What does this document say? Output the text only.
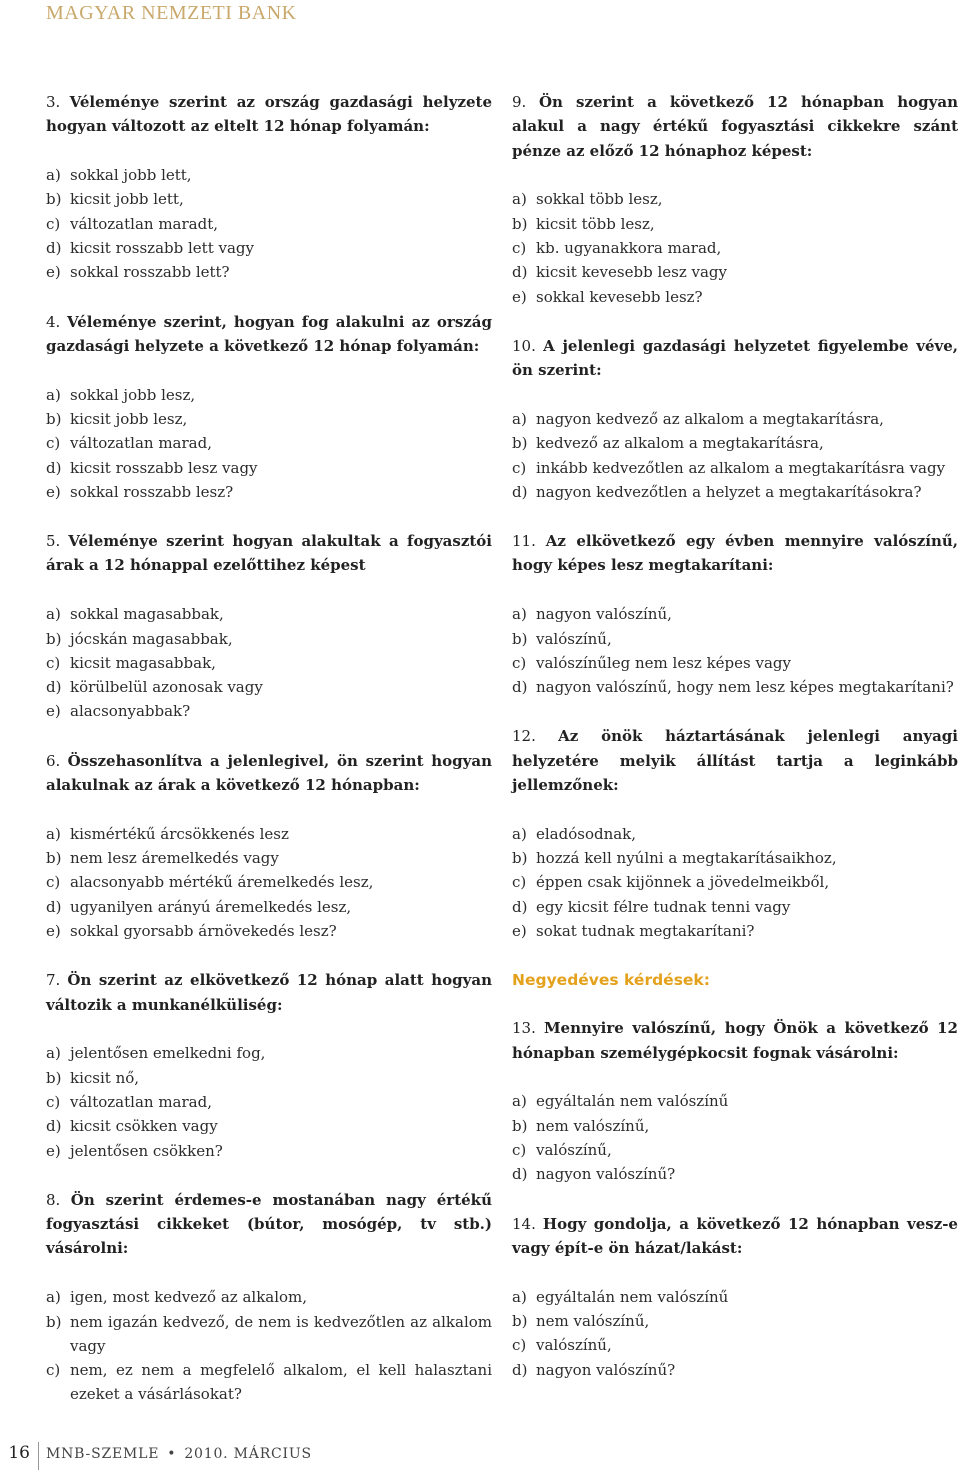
MAGYAR NEMZETI BANK

3. Véleménye szerint az ország gazdasági helyzete hogyan változott az eltelt 12 hónap folyamán:

a) sokkal jobb lett,
b) kicsit jobb lett,
c) változatlan maradt,
d) kicsit rosszabb lett vagy
e) sokkal rosszabb lett?

4. Véleménye szerint, hogyan fog alakulni az ország gazdasági helyzete a következő 12 hónap folyamán:

a) sokkal jobb lesz,
b) kicsit jobb lesz,
c) változatlan marad,
d) kicsit rosszabb lesz vagy
e) sokkal rosszabb lesz?

5. Véleménye szerint hogyan alakultak a fogyasztói árak a 12 hónappal ezelőttihez képest

a) sokkal magasabbak,
b) jócskán magasabbak,
c) kicsit magasabbak,
d) körülbelül azonosak vagy
e) alacsonyabbak?

6. Összehasonlítva a jelenlegivel, ön szerint hogyan alakulnak az árak a következő 12 hónapban:

a) kismértékű árcsökkenés lesz
b) nem lesz áremelkedés vagy
c) alacsonyabb mértékű áremelkedés lesz,
d) ugyanilyen arányú áremelkedés lesz,
e) sokkal gyorsabb árnövekedés lesz?

7. Ön szerint az elkövetkező 12 hónap alatt hogyan változik a munkanélküliség:

a) jelentősen emelkedni fog,
b) kicsit nő,
c) változatlan marad,
d) kicsit csökken vagy
e) jelentősen csökken?

8. Ön szerint érdemes-e mostanában nagy értékű fogyasztási cikkeket (bútor, mosógép, tv stb.) vásárolni:

a) igen, most kedvező az alkalom,
b) nem igazán kedvező, de nem is kedvezőtlen az alkalom vagy
c) nem, ez nem a megfelelő alkalom, el kell halasztani ezeket a vásárlásokat?

9. Ön szerint a következő 12 hónapban hogyan alakul a nagy értékű fogyasztási cikkekre szánt pénze az előző 12 hónaphoz képest:

a) sokkal több lesz,
b) kicsit több lesz,
c) kb. ugyanakkora marad,
d) kicsit kevesebb lesz vagy
e) sokkal kevesebb lesz?

10. A jelenlegi gazdasági helyzetet figyelembe véve, ön szerint:

a) nagyon kedvező az alkalom a megtakarításra,
b) kedvező az alkalom a megtakarításra,
c) inkább kedvezőtlen az alkalom a megtakarításra vagy
d) nagyon kedvezőtlen a helyzet a megtakarításokra?

11. Az elkövetkező egy évben mennyire valószínű, hogy képes lesz megtakarítani:

a) nagyon valószínű,
b) valószínű,
c) valószínűleg nem lesz képes vagy
d) nagyon valószínű, hogy nem lesz képes megtakarítani?

12. Az önök háztartásának jelenlegi anyagi helyzetére melyik állítást tartja a leginkább jellemzőnek:

a) eladósodnak,
b) hozzá kell nyúlni a megtakarításaikhoz,
c) éppen csak kijönnek a jövedelmeikből,
d) egy kicsit félre tudnak tenni vagy
e) sokat tudnak megtakarítani?
Negyedéves kérdések:

13. Mennyire valószínű, hogy Önök a következő 12 hónapban személygépkocsit fognak vásárolni:

a) egyáltalán nem valószínű
b) nem valószínű,
c) valószínű,
d) nagyon valószínű?

14. Hogy gondolja, a következő 12 hónapban vesz-e vagy épít-e ön házat/lakást:

a) egyáltalán nem valószínű
b) nem valószínű,
c) valószínű,
d) nagyon valószínű?
16 MNB-SZEMLE • 2010. MÁRCIUS
